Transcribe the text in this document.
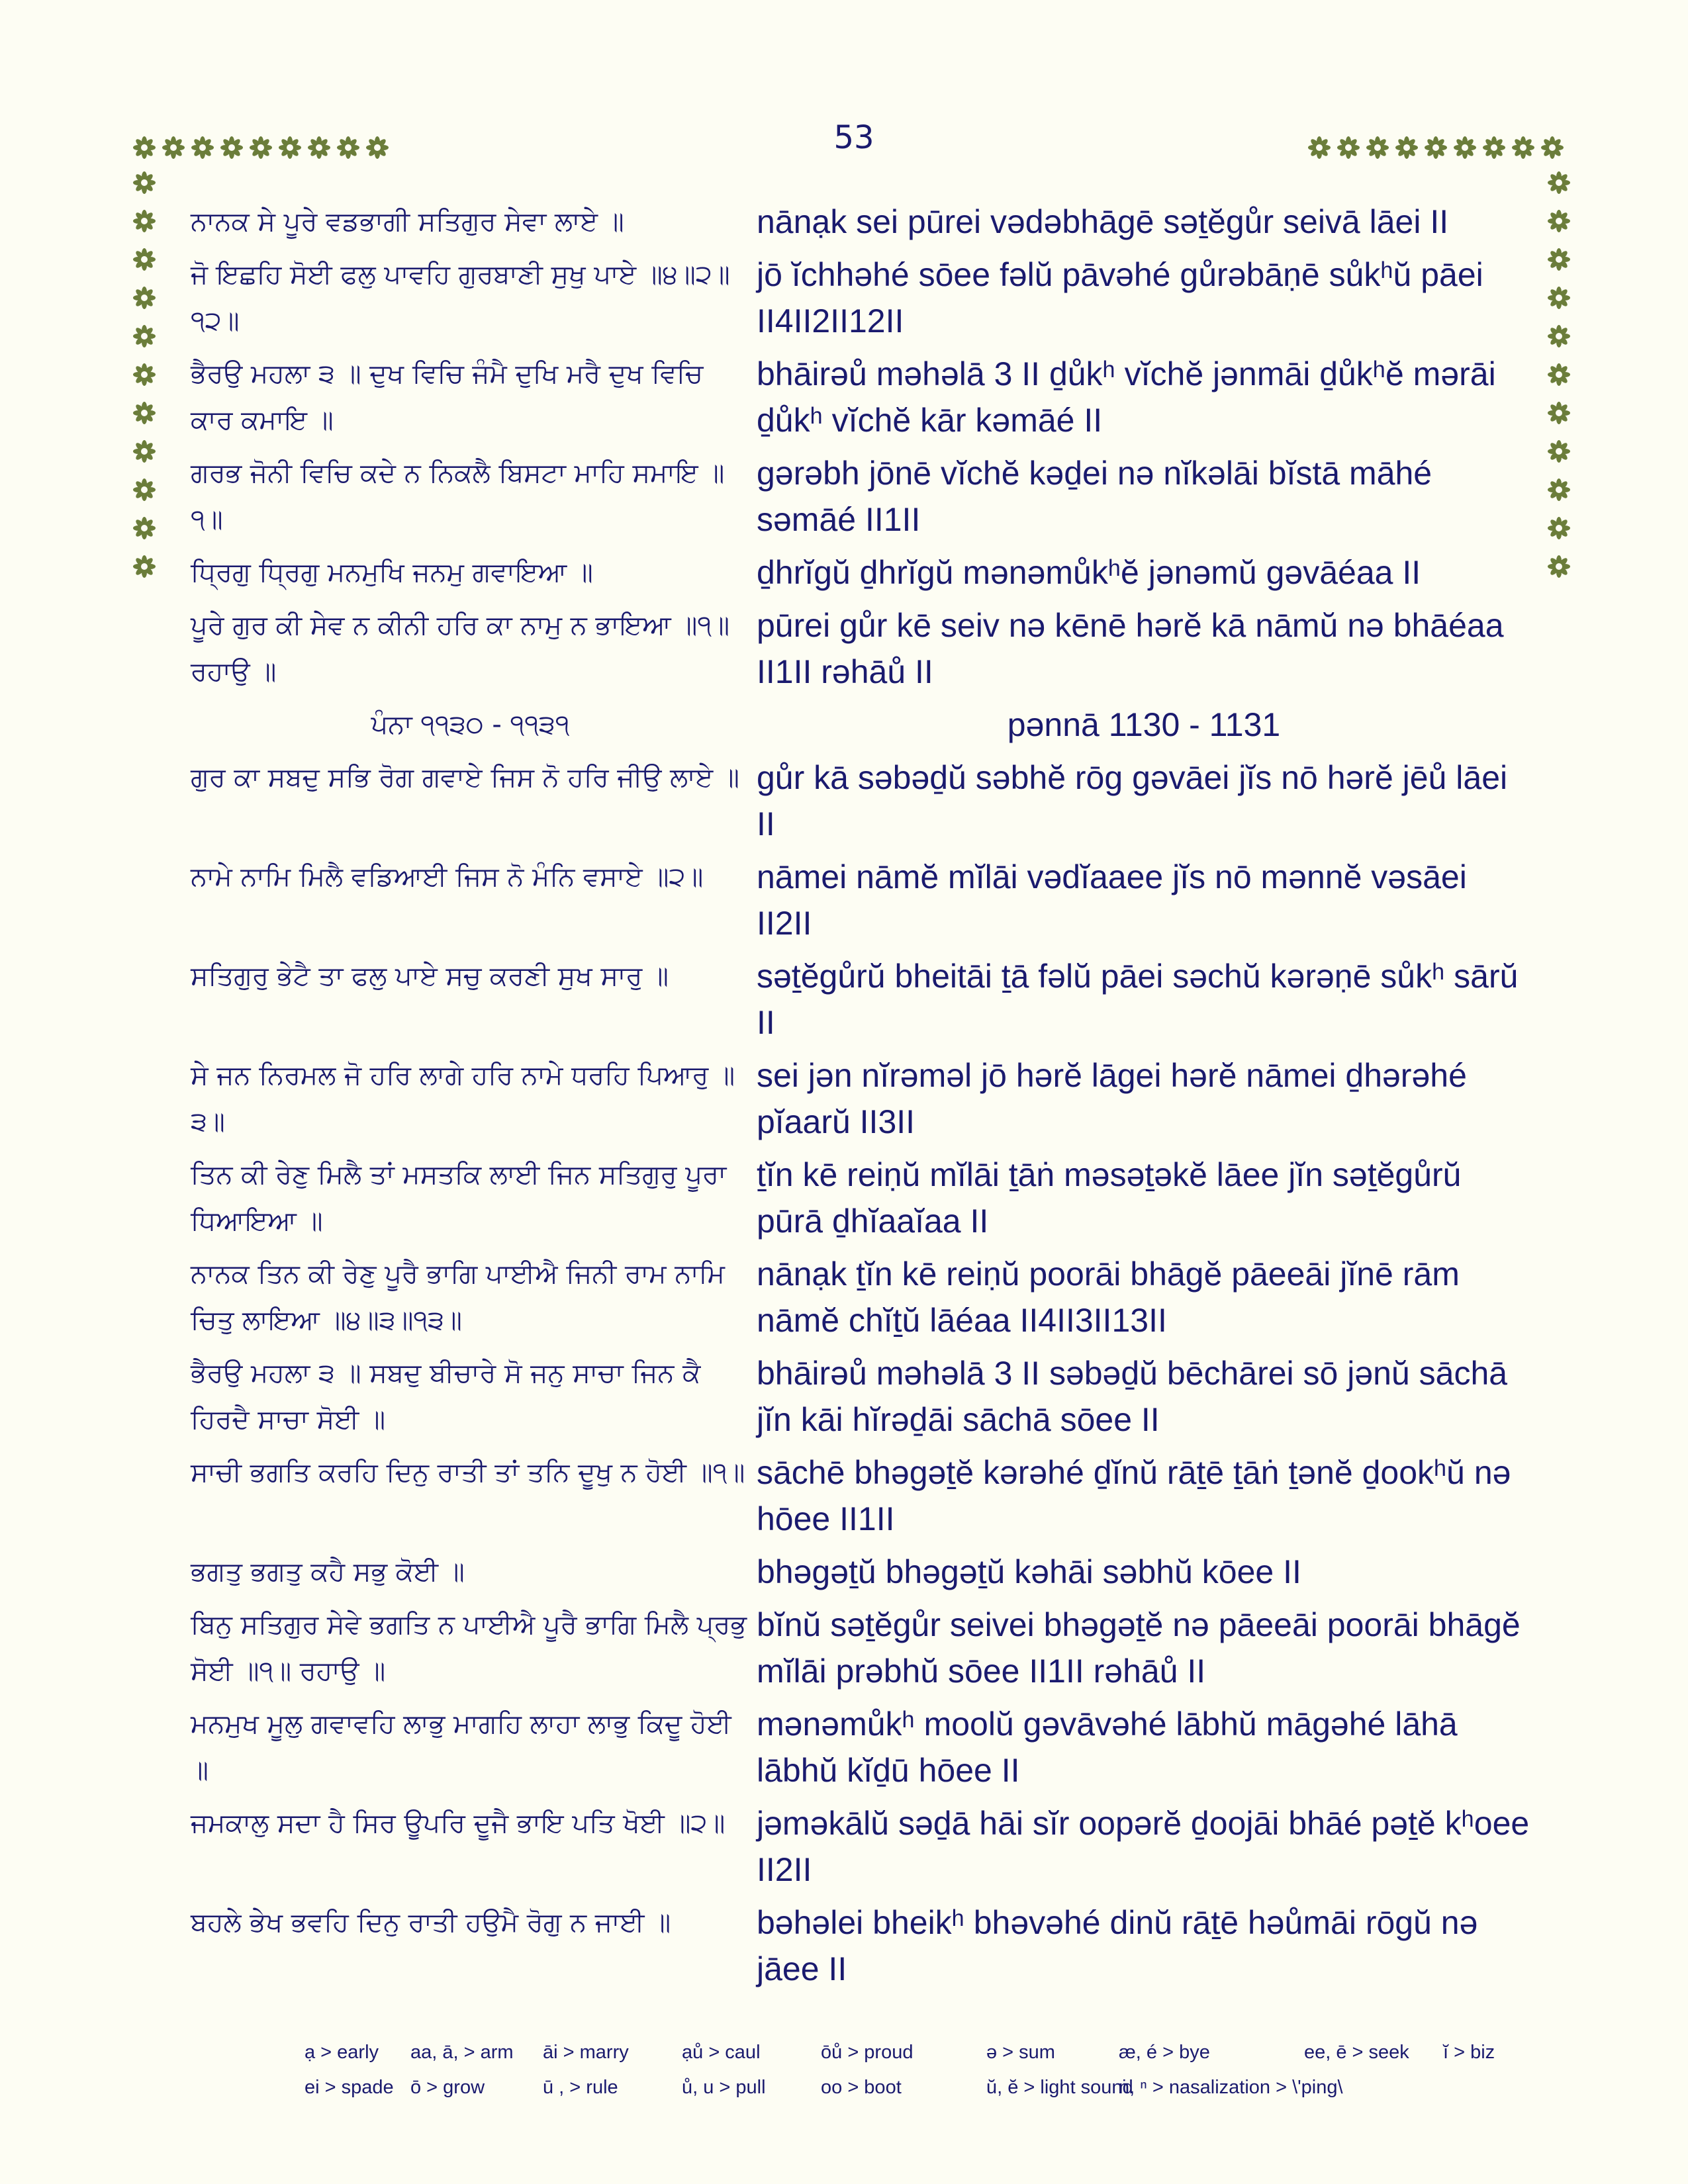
53
ਨਾਨਕ ਸੇ ਪੂਰੇ ਵਡਭਾਗੀ ਸਤਿਗੁਰ ਸੇਵਾ ਲਾਏ ॥	nānạk sei pūrei vədəbhāgē səṯĕgůr seivā lāei II
ਜੋ ਇਛਹਿ ਸੋਈ ਫਲੁ ਪਾਵਹਿ ਗੁਰਬਾਣੀ ਸੁਖੁ ਪਾਏ ॥੪॥੨॥੧੨॥
jō ĭchhəhé sōee fəlŭ pāvəhé gůrəbāṇē sůkʰŭ pāei II4II2II12II
ਭੈਰਉ ਮਹਲਾ ੩ ॥ ਦੁਖ ਵਿਚਿ ਜੰਮੈ ਦੁਖਿ ਮਰੈ ਦੁਖ ਵਿਚਿ ਕਾਰ ਕਮਾਇ ॥
bhāirəů məhəlā 3 II ḏůkʰ vĭchĕ jənmāi ḏůkʰĕ mərāi ḏůkʰ vĭchĕ kār kəmāé II
ਗਰਭ ਜੋਨੀ ਵਿਚਿ ਕਦੇ ਨ ਨਿਕਲੈ ਬਿਸਟਾ ਮਾਹਿ ਸਮਾਇ ॥੧॥
gərəbh jōnē vĭchĕ kəḏei nə nĭkəlāi bĭstā māhé səmāé II1II
ਧ੍ਰਿਗੁ ਧ੍ਰਿਗੁ ਮਨਮੁਖਿ ਜਨਮੁ ਗਵਾਇਆ ॥	ḏhrĭgŭ ḏhrĭgŭ mənəmůkʰĕ jənəmŭ gəvāéaa II
ਪੂਰੇ ਗੁਰ ਕੀ ਸੇਵ ਨ ਕੀਨੀ ਹਰਿ ਕਾ ਨਾਮੁ ਨ ਭਾਇਆ ॥੧॥ ਰਹਾਉ ॥
pūrei gůr kē seiv nə kēnē hərĕ kā nāmŭ nə bhāéaa II1II rəhāů II
ਪੰਨਾ ੧੧੩੦ - ੧੧੩੧	pənnā 1130 - 1131
ਗੁਰ ਕਾ ਸਬਦੁ ਸਭਿ ਰੋਗ ਗਵਾਏ ਜਿਸ ਨੋ ਹਰਿ ਜੀਉ ਲਾਏ ॥ gůr kā səbəḏŭ səbhĕ rōg gəvāei jĭs nō hərĕ jēů lāei II
ਨਾਮੇ ਨਾਮਿ ਮਿਲੈ ਵਡਿਆਈ ਜਿਸ ਨੋ ਮੰਨਿ ਵਸਾਏ ॥੨॥	nāmei nāmĕ mĭlāi vədĭaaee jĭs nō mənnĕ vəsāei II2II
ਸਤਿਗੁਰੁ ਭੇਟੈ ਤਾ ਫਲੁ ਪਾਏ ਸਚੁ ਕਰਣੀ ਸੁਖ ਸਾਰੁ ॥	səṯĕgůrŭ bheitāi ṯā fəlŭ pāei səchŭ kərəṇē sůkʰ sārŭ II
ਸੇ ਜਨ ਨਿਰਮਲ ਜੋ ਹਰਿ ਲਾਗੇ ਹਰਿ ਨਾਮੇ ਧਰਹਿ ਪਿਆਰੁ ॥੩॥
sei jən nĭrəməl jō hərĕ lāgei hərĕ nāmei ḏhərəhé pĭaarŭ II3II
ਤਿਨ ਕੀ ਰੇਣੁ ਮਿਲੈ ਤਾਂ ਮਸਤਕਿ ਲਾਈ ਜਿਨ ਸਤਿਗੁਰੁ ਪੂਰਾ ਧਿਆਇਆ ॥
ṯĭn kē reiṇŭ mĭlāi ṯāṅ məsəṯəkĕ lāee jĭn səṯĕgůrŭ pūrā ḏhĭaaĭaa II
ਨਾਨਕ ਤਿਨ ਕੀ ਰੇਣੁ ਪੂਰੈ ਭਾਗਿ ਪਾਈਐ ਜਿਨੀ ਰਾਮ ਨਾਮਿ ਚਿਤੁ ਲਾਇਆ ॥੪॥੩॥੧੩॥
nānạk ṯĭn kē reiṇŭ poorāi bhāgĕ pāeeāi jĭnē rām nāmĕ chĭṯŭ lāéaa II4II3II13II
ਭੈਰਉ ਮਹਲਾ ੩ ॥ ਸਬਦੁ ਬੀਚਾਰੇ ਸੋ ਜਨੁ ਸਾਚਾ ਜਿਨ ਕੈ ਹਿਰਦੈ ਸਾਚਾ ਸੋਈ ॥
bhāirəů məhəlā 3 II səbəḏŭ bēchārei sō jənŭ sāchā jĭn kāi hĭrəḏāi sāchā sōee II
ਸਾਚੀ ਭਗਤਿ ਕਰਹਿ ਦਿਨੁ ਰਾਤੀ ਤਾਂ ਤਨਿ ਦੂਖੁ ਨ ਹੋਈ ॥੧॥ sāchē bhəgəṯĕ kərəhé ḏĭnŭ rāṯē ṯāṅ ṯənĕ ḏookʰŭ nə hōee II1II
ਭਗਤੁ ਭਗਤੁ ਕਹੈ ਸਭੁ ਕੋਈ ॥	bhəgəṯŭ bhəgəṯŭ kəhāi səbhŭ kōee II
ਬਿਨੁ ਸਤਿਗੁਰ ਸੇਵੇ ਭਗਤਿ ਨ ਪਾਈਐ ਪੂਰੈ ਭਾਗਿ ਮਿਲੈ ਪ੍ਰਭੁ ਸੋਈ ॥੧॥ ਰਹਾਉ ॥
bĭnŭ səṯĕgůr seivei bhəgəṯĕ nə pāeeāi poorāi bhāgĕ mĭlāi prəbhŭ sōee II1II rəhāů II
ਮਨਮੁਖ ਮੂਲੁ ਗਵਾਵਹਿ ਲਾਭੁ ਮਾਗਹਿ ਲਾਹਾ ਲਾਭੁ ਕਿਦੂ ਹੋਈ ॥
mənəmůkʰ moolŭ gəvāvəhé lābhŭ māgəhé lāhā lābhŭ kĭḏū hōee II
ਜਮਕਾਲੁ ਸਦਾ ਹੈ ਸਿਰ ਊਪਰਿ ਦੂਜੈ ਭਾਇ ਪਤਿ ਖੋਈ ॥੨॥ jəməkālŭ səḏā hāi sĭr oopərĕ ḏoojāi bhāé pəṯĕ kʰoee II2II
ਬਹਲੇ ਭੇਖ ਭਵਹਿ ਦਿਨੁ ਰਾਤੀ ਹਉਮੈ ਰੋਗੁ ਨ ਜਾਈ ॥	bəhəlei bheikʰ bhəvəhé dinŭ rāṯē həůmāi rōgŭ nə jāee II
ạ > early	aa, ā, > arm	āi > marry	ạů > caul	ōů > proud	ə > sum	æ, é > bye	ee, ē > seek	ĭ > biz
ei > spade ō > grow	ū , > rule	ů, u > pull	oo > boot	ŭ, ĕ > light sound
ṅ, ⁿ > nasalization > \'ping\
